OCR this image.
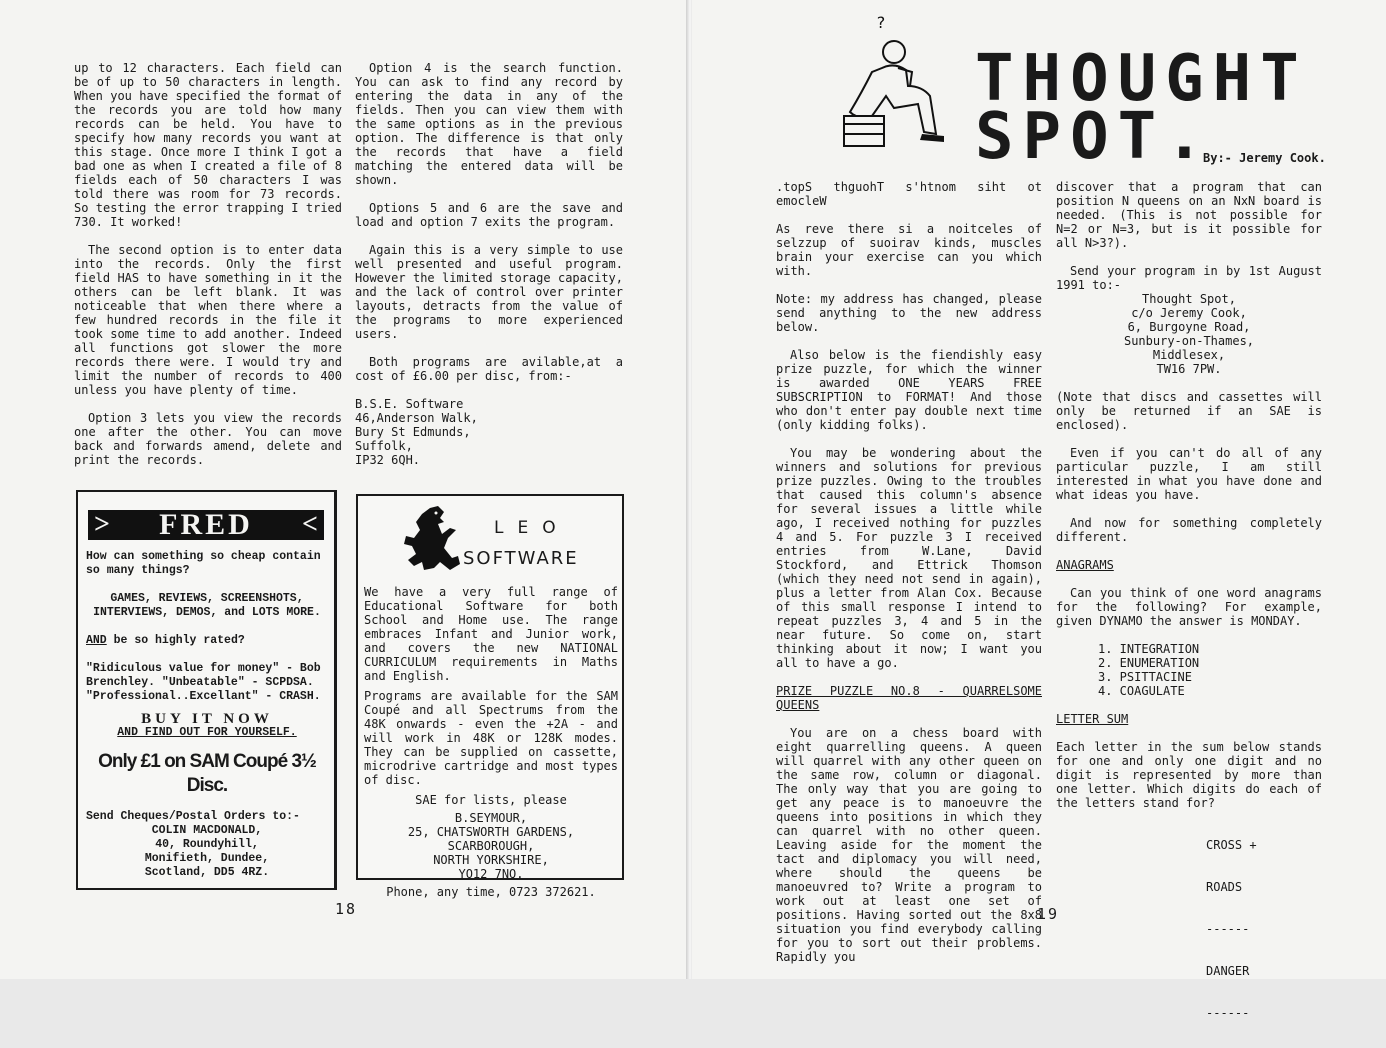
up to 12 characters. Each field can be of up to 50 characters in length. When you have specified the format of the records you are told how many records can be held. You have to specify how many records you want at this stage. Once more I think I got a bad one as when I created a file of 8 fields each of 50 characters I was told there was room for 73 records. So testing the error trapping I tried 730. It worked!

The second option is to enter data into the records. Only the first field HAS to have something in it the others can be left blank. It was noticeable that when there where a few hundred records in the file it took some time to add another. Indeed all functions got slower the more records there were. I would try and limit the number of records to 400 unless you have plenty of time.

Option 3 lets you view the records one after the other. You can move back and forwards amend, delete and print the records.

Option 4 is the search function. You can ask to find any record by entering the data in any of the fields. Then you can view them with the same options as in the previous option. The difference is that only the records that have a field matching the entered data will be shown.

Options 5 and 6 are the save and load and option 7 exits the program.

Again this is a very simple to use well presented and useful program. However the limited storage capacity, and the lack of control over printer layouts, detracts from the value of the programs to more experienced users.

Both programs are avilable,at a cost of £6.00 per disc, from:-

B.S.E. Software
46,Anderson Walk,
Bury St Edmunds,
Suffolk,
IP32 6QH.
> FRED <
How can something so cheap contain so many things?
GAMES, REVIEWS, SCREENSHOTS, INTERVIEWS, DEMOS, and LOTS MORE.
AND be so highly rated?
"Ridiculous value for money" - Bob Brenchley. "Unbeatable" - SCPDSA. "Professional..Excellant" - CRASH.
BUY IT NOW
AND FIND OUT FOR YOURSELF.
Only £1 on SAM Coupé 3½ Disc.
Send Cheques/Postal Orders to:-
COLIN MACDONALD,
40, Roundyhill,
Monifieth, Dundee,
Scotland, DD5 4RZ.
LEO
SOFTWARE

We have a very full range of Educational Software for both School and Home use. The range embraces Infant and Junior work, and covers the new NATIONAL CURRICULUM requirements in Maths and English.

Programs are available for the SAM Coupé and all Spectrums from the 48K onwards - even the +2A - and will work in 48K or 128K modes. They can be supplied on cassette, microdrive cartridge and most types of disc.

SAE for lists, please
B.SEYMOUR,
25, CHATSWORTH GARDENS,
SCARBOROUGH,
NORTH YORKSHIRE,
YO12 7NQ.
Phone, any time, 0723 372621.
18
?
THOUGHT
SPOT.
By:- Jeremy Cook.

.topS thguohT s'htnom siht ot emocleW

As reve there si a noitceles of selzzup of suoirav kinds, muscles brain your exercise can you which with.

Note: my address has changed, please send anything to the new address below.

Also below is the fiendishly easy prize puzzle, for which the winner is awarded ONE YEARS FREE SUBSCRIPTION to FORMAT! And those who don't enter pay double next time (only kidding folks).

You may be wondering about the winners and solutions for previous prize puzzles. Owing to the troubles that caused this column's absence for several issues a little while ago, I received nothing for puzzles 4 and 5. For puzzle 3 I received entries from W.Lane, David Stockford, and Ettrick Thomson (which they need not send in again), plus a letter from Alan Cox. Because of this small response I intend to repeat puzzles 3, 4 and 5 in the near future. So come on, start thinking about it now; I want you all to have a go.

PRIZE PUZZLE NO.8 - QUARRELSOME QUEENS

You are on a chess board with eight quarrelling queens. A queen will quarrel with any other queen on the same row, column or diagonal. The only way that you are going to get any peace is to manoeuvre the queens into positions in which they can quarrel with no other queen. Leaving aside for the moment the tact and diplomacy you will need, where should the queens be manoeuvred to? Write a program to work out at least one set of positions. Having sorted out the 8x8 situation you find everybody calling for you to sort out their problems. Rapidly you

discover that a program that can position N queens on an NxN board is needed. (This is not possible for N=2 or N=3, but is it possible for all N>3?).

Send your program in by 1st August 1991 to:-

Thought Spot,
c/o Jeremy Cook,
6, Burgoyne Road,
Sunbury-on-Thames,
Middlesex,
TW16 7PW.

(Note that discs and cassettes will only be returned if an SAE is enclosed).

Even if you can't do all of any particular puzzle, I am still interested in what you have done and what ideas you have.

And now for something completely different.

ANAGRAMS

Can you think of one word anagrams for the following? For example, given DYNAMO the answer is MONDAY.

1. INTEGRATION
2. ENUMERATION
3. PSITTACINE
4. COAGULATE

LETTER SUM

Each letter in the sum below stands for one and only one digit and no digit is represented by more than one letter. Which digits do each of the letters stand for?

CROSS +

ROADS

------

DANGER

------

19
